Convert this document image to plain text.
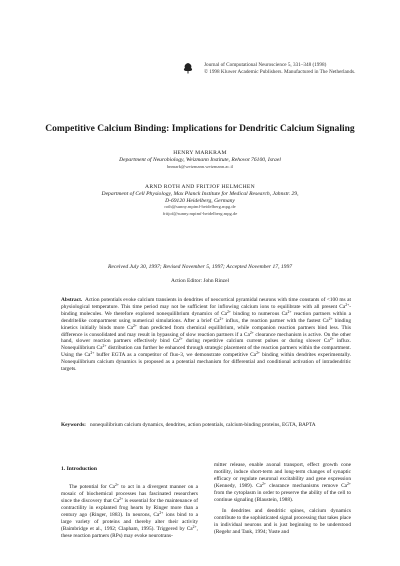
Journal of Computational Neuroscience 5, 331–348 (1998)
© 1998 Kluwer Academic Publishers. Manufactured in The Netherlands.
Competitive Calcium Binding: Implications for Dendritic Calcium Signaling
HENRY MARKRAM
Department of Neurobiology, Weizmann Institute, Rehovot 76100, Israel
bnmark@weizmann.weizmann.ac.il
ARND ROTH AND FRITJOF HELMCHEN
Department of Cell Physiology, Max Planck Institute for Medical Research, Jahnstr. 29,
D-69120 Heidelberg, Germany
roth@sunny.mpimf-heidelberg.mpg.de
fritjof@sunny.mpimf-heidelberg.mpg.de
Received July 30, 1997; Revised November 5, 1997; Accepted November 17, 1997
Action Editor: John Rinzel
Abstract. Action potentials evoke calcium transients in dendrites of neocortical pyramidal neurons with time constants of <100 ms at physiological temperature. This time period may not be sufficient for inflowing calcium ions to equilibrate with all present $Ca^{2+}$-binding molecules. We therefore explored nonequilibrium dynamics of $Ca^{2+}$ binding to numerous $Ca^{2+}$ reaction partners within a dendritelike compartment using numerical simulations. After a brief $Ca^{2+}$ influx, the reaction partner with the fastest $Ca^{2+}$ binding kinetics initially binds more $Ca^{2+}$ than predicted from chemical equilibrium, while companion reaction partners bind less. This difference is consolidated and may result in bypassing of slow reaction partners if a $Ca^{2+}$ clearance mechanism is active. On the other hand, slower reaction partners effectively bind $Ca^{2+}$ during repetitive calcium current pulses or during slower $Ca^{2+}$ influx. Nonequilibrium $Ca^{2+}$ distribution can further be enhanced through strategic placement of the reaction partners within the compartment. Using the $Ca^{2+}$ buffer EGTA as a competitor of fluo-3, we demonstrate competitive $Ca^{2+}$ binding within dendrites experimentally. Nonequilibrium calcium dynamics is proposed as a potential mechanism for differential and conditional activation of intradendritic targets.
Keywords: nonequilibrium calcium dynamics, dendrites, action potentials, calcium-binding proteins, EGTA, BAPTA
1. Introduction

The potential for $Ca^{2+}$ to act in a divergent manner on a mosaic of biochemical processes has fascinated researchers since the discovery that $Ca^{2+}$ is essential for the maintenance of contractility in explanted frog hearts by Ringer more than a century ago (Ringer, 1883). In neurons, $Ca^{2+}$ ions bind to a large variety of proteins and thereby alter their activity (Baimbridge et al., 1992; Clapham, 1995). Triggered by $Ca^{2+}$, these reaction partners (RPs) may evoke neurotrans-

mitter release, enable axonal transport, effect growth cone motility, induce short-term and long-term changes of synaptic efficacy or regulate neuronal excitability and gene expression (Kennedy, 1989). $Ca^{2+}$ clearance mechanisms remove $Ca^{2+}$ from the cytoplasm in order to preserve the ability of the cell to continue signaling (Blaustein, 1988).

In dendrites and dendritic spines, calcium dynamics contribute to the sophisticated signal processing that takes place in individual neurons and is just beginning to be understood (Regehr and Tank, 1994; Yuste and
